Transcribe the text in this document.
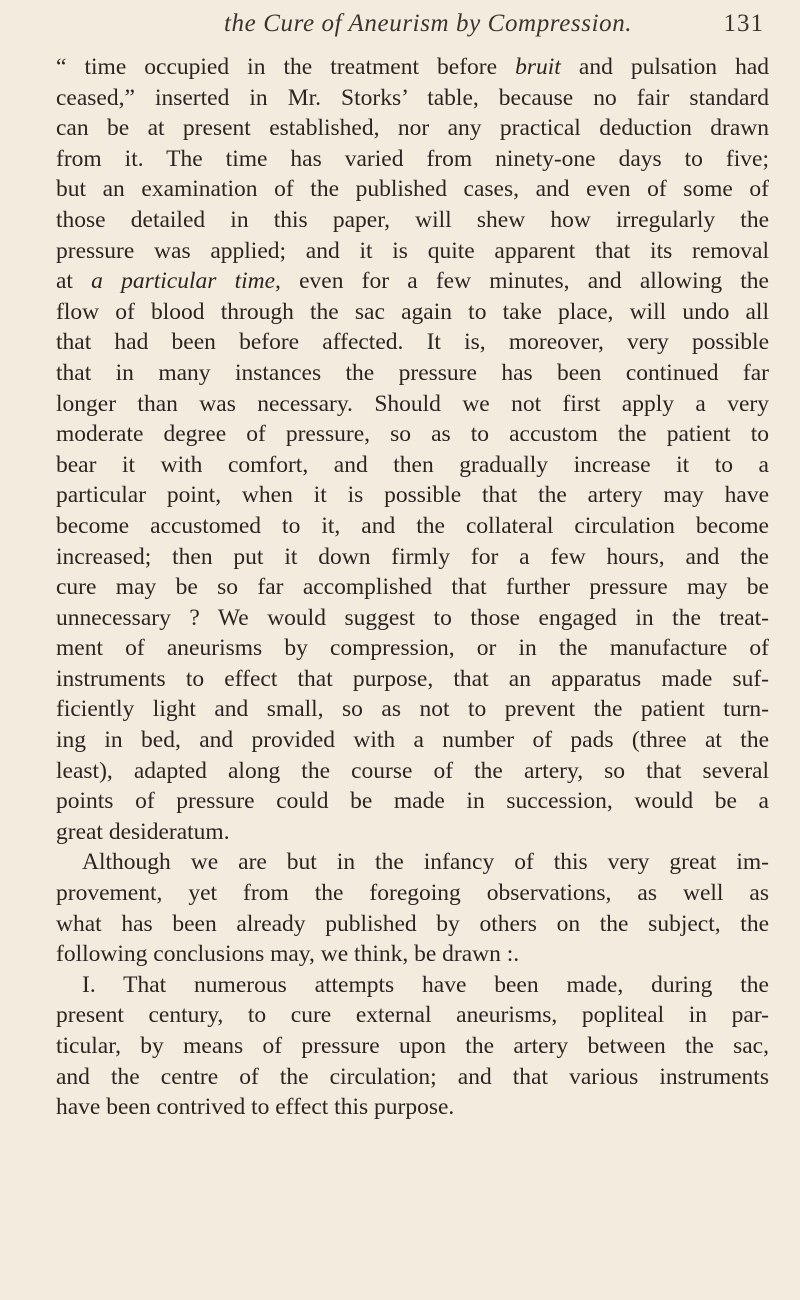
the Cure of Aneurism by Compression.	131
“ time occupied in the treatment before bruit and pulsation had
ceased,” inserted in Mr. Storks’ table, because no fair standard
can be at present established, nor any practical deduction drawn
from it. The time has varied from ninety-one days to five;
but an examination of the published cases, and even of some of
those detailed in this paper, will shew how irregularly the
pressure was applied; and it is quite apparent that its removal
at a particular time, even for a few minutes, and allowing the
flow of blood through the sac again to take place, will undo all
that had been before affected. It is, moreover, very possible
that in many instances the pressure has been continued far
longer than was necessary. Should we not first apply a very
moderate degree of pressure, so as to accustom the patient to
bear it with comfort, and then gradually increase it to a
particular point, when it is possible that the artery may have
become accustomed to it, and the collateral circulation become
increased; then put it down firmly for a few hours, and the
cure may be so far accomplished that further pressure may be
unnecessary ? We would suggest to those engaged in the treat-
ment of aneurisms by compression, or in the manufacture of
instruments to effect that purpose, that an apparatus made suf-
ficiently light and small, so as not to prevent the patient turn-
ing in bed, and provided with a number of pads (three at the
least), adapted along the course of the artery, so that several
points of pressure could be made in succession, would be a
great desideratum.
Although we are but in the infancy of this very great im-
provement, yet from the foregoing observations, as well as
what has been already published by others on the subject, the
following conclusions may, we think, be drawn :.
I. That numerous attempts have been made, during the
present century, to cure external aneurisms, popliteal in par-
ticular, by means of pressure upon the artery between the sac,
and the centre of the circulation; and that various instruments
have been contrived to effect this purpose.
